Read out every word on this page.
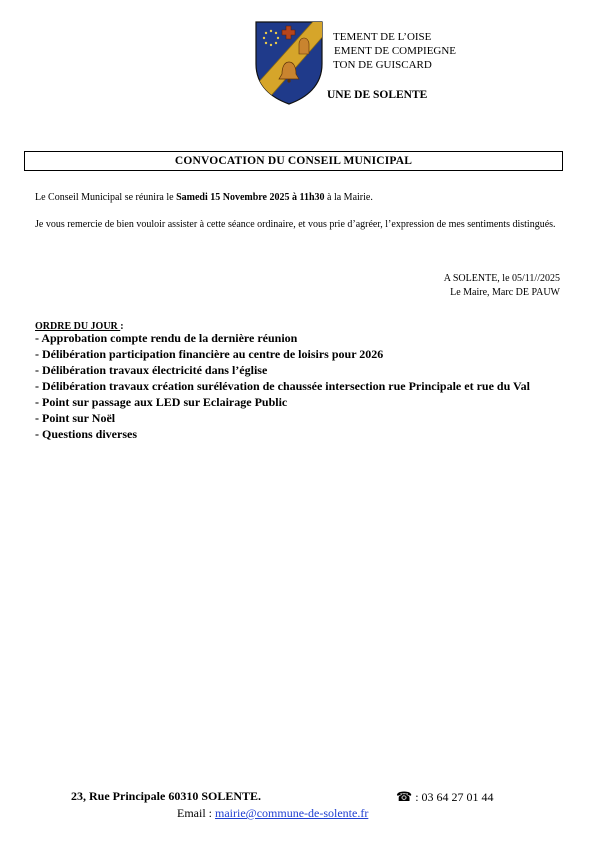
TEMENT DE L’OISE
EMENT DE COMPIEGNE
TON DE GUISCARD
UNE DE SOLENTE
CONVOCATION DU CONSEIL MUNICIPAL
Le Conseil Municipal se réunira le Samedi 15 Novembre 2025 à 11h30 à la Mairie.
Je vous remercie de bien vouloir assister à cette séance ordinaire, et vous prie d’agréer, l’expression de mes sentiments distingués.
A SOLENTE, le 05/11//2025
Le Maire, Marc DE PAUW
ORDRE DU JOUR :
- Approbation compte rendu de la dernière réunion
- Délibération participation financière au centre de loisirs pour 2026
- Délibération travaux électricité dans l’église
- Délibération travaux création surélévation de chaussée intersection rue Principale et rue du Val
- Point sur passage aux LED sur Eclairage Public
- Point sur Noël
- Questions diverses
23, Rue Principale 60310 SOLENTE.	☎ : 03 64 27 01 44
Email : mairie@commune-de-solente.fr
